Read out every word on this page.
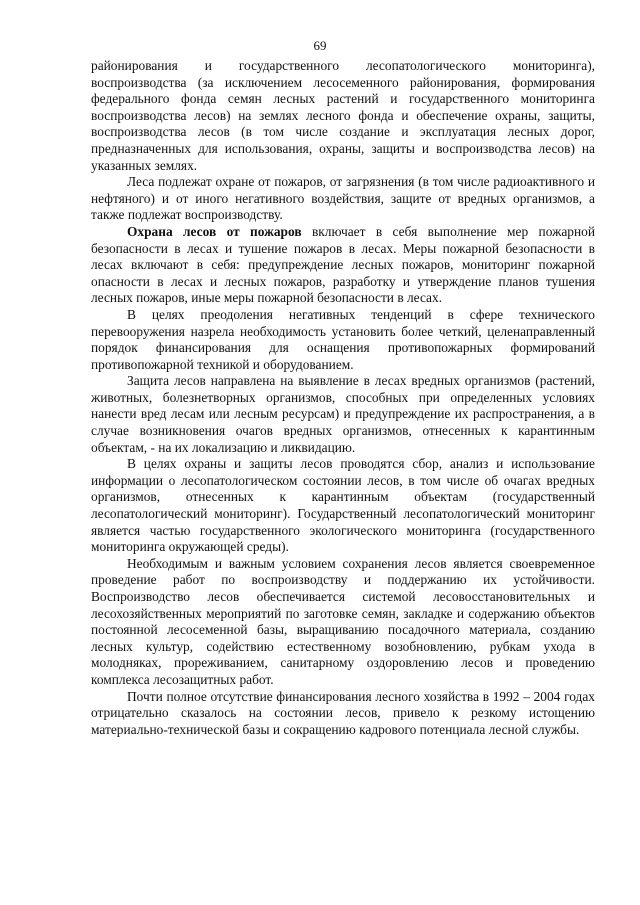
69

районирования и государственного лесопатологического мониторинга), воспроизводства (за исключением лесосеменного районирования, формирования федерального фонда семян лесных растений и государственного мониторинга воспроизводства лесов) на землях лесного фонда и обеспечение охраны, защиты, воспроизводства лесов (в том числе создание и эксплуатация лесных дорог, предназначенных для использования, охраны, защиты и воспроизводства лесов) на указанных землях.

Леса подлежат охране от пожаров, от загрязнения (в том числе радиоактивного и нефтяного) и от иного негативного воздействия, защите от вредных организмов, а также подлежат воспроизводству.

Охрана лесов от пожаров включает в себя выполнение мер пожарной безопасности в лесах и тушение пожаров в лесах. Меры пожарной безопасности в лесах включают в себя: предупреждение лесных пожаров, мониторинг пожарной опасности в лесах и лесных пожаров, разработку и утверждение планов тушения лесных пожаров, иные меры пожарной безопасности в лесах.

В целях преодоления негативных тенденций в сфере технического перевооружения назрела необходимость установить более четкий, целенаправленный порядок финансирования для оснащения противопожарных формирований противопожарной техникой и оборудованием.

Защита лесов направлена на выявление в лесах вредных организмов (растений, животных, болезнетворных организмов, способных при определенных условиях нанести вред лесам или лесным ресурсам) и предупреждение их распространения, а в случае возникновения очагов вредных организмов, отнесенных к карантинным объектам, - на их локализацию и ликвидацию.

В целях охраны и защиты лесов проводятся сбор, анализ и использование информации о лесопатологическом состоянии лесов, в том числе об очагах вредных организмов, отнесенных к карантинным объектам (государственный лесопатологический мониторинг). Государственный лесопатологический мониторинг является частью государственного экологического мониторинга (государственного мониторинга окружающей среды).

Необходимым и важным условием сохранения лесов является своевременное проведение работ по воспроизводству и поддержанию их устойчивости. Воспроизводство лесов обеспечивается системой лесовосстановительных и лесохозяйственных мероприятий по заготовке семян, закладке и содержанию объектов постоянной лесосеменной базы, выращиванию посадочного материала, созданию лесных культур, содействию естественному возобновлению, рубкам ухода в молодняках, прореживанием, санитарному оздоровлению лесов и проведению комплекса лесозащитных работ.

Почти полное отсутствие финансирования лесного хозяйства в 1992 – 2004 годах отрицательно сказалось на состоянии лесов, привело к резкому истощению материально-технической базы и сокращению кадрового потенциала лесной службы.
